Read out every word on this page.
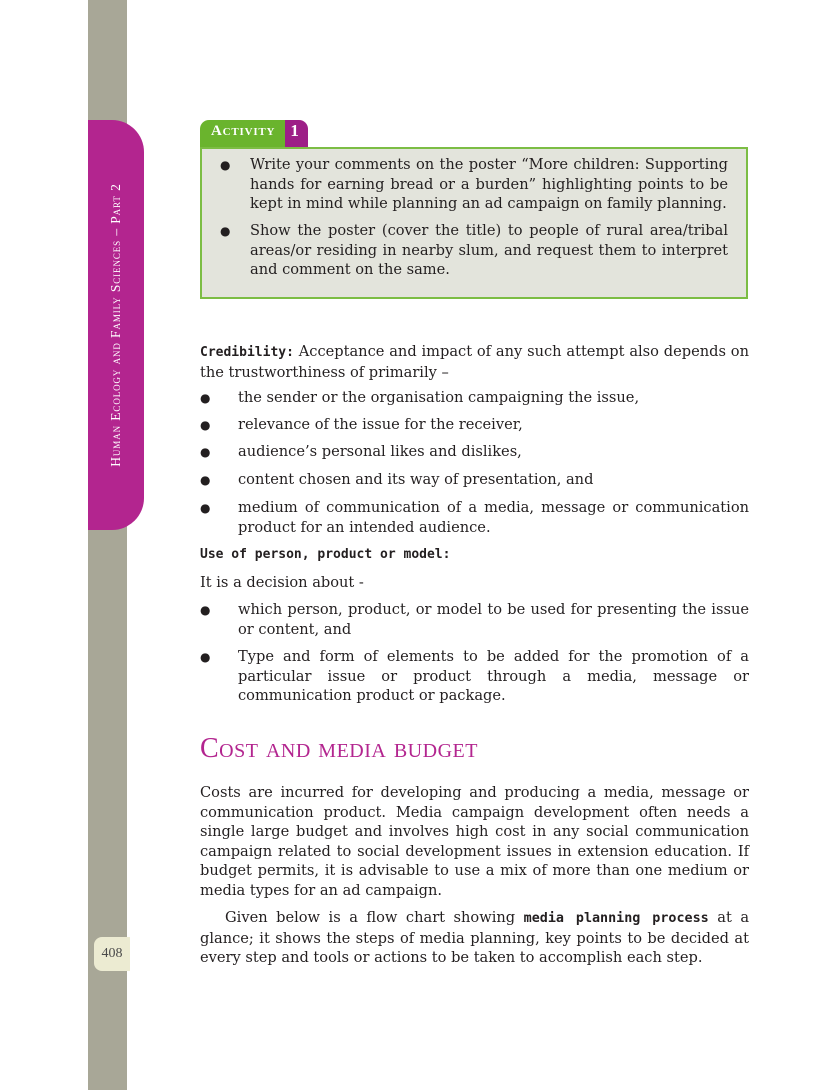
Human Ecology and Family Sciences – Part 2
408
Activity 1
● Write your comments on the poster “More children: Supporting hands for earning bread or a burden” highlighting points to be kept in mind while planning an ad campaign on family planning.
● Show the poster (cover the title) to people of rural area/tribal areas/or residing in nearby slum, and request them to interpret and comment on the same.
Credibility: Acceptance and impact of any such attempt also depends on the trustworthiness of primarily –
● the sender or the organisation campaigning the issue,
● relevance of the issue for the receiver,
● audience’s personal likes and dislikes,
● content chosen and its way of presentation, and
● medium of communication of a media, message or communication product for an intended audience.
Use of person, product or model:
It is a decision about -
● which person, product, or model to be used for presenting the issue or content, and
● Type and form of elements to be added for the promotion of a particular issue or product through a media, message or communication product or package.
Cost and media budget
Costs are incurred for developing and producing a media, message or communication product. Media campaign development often needs a single large budget and involves high cost in any social communication campaign related to social development issues in extension education. If budget permits, it is advisable to use a mix of more than one medium or media types for an ad campaign.
Given below is a flow chart showing media planning process at a glance; it shows the steps of media planning, key points to be decided at every step and tools or actions to be taken to accomplish each step.
